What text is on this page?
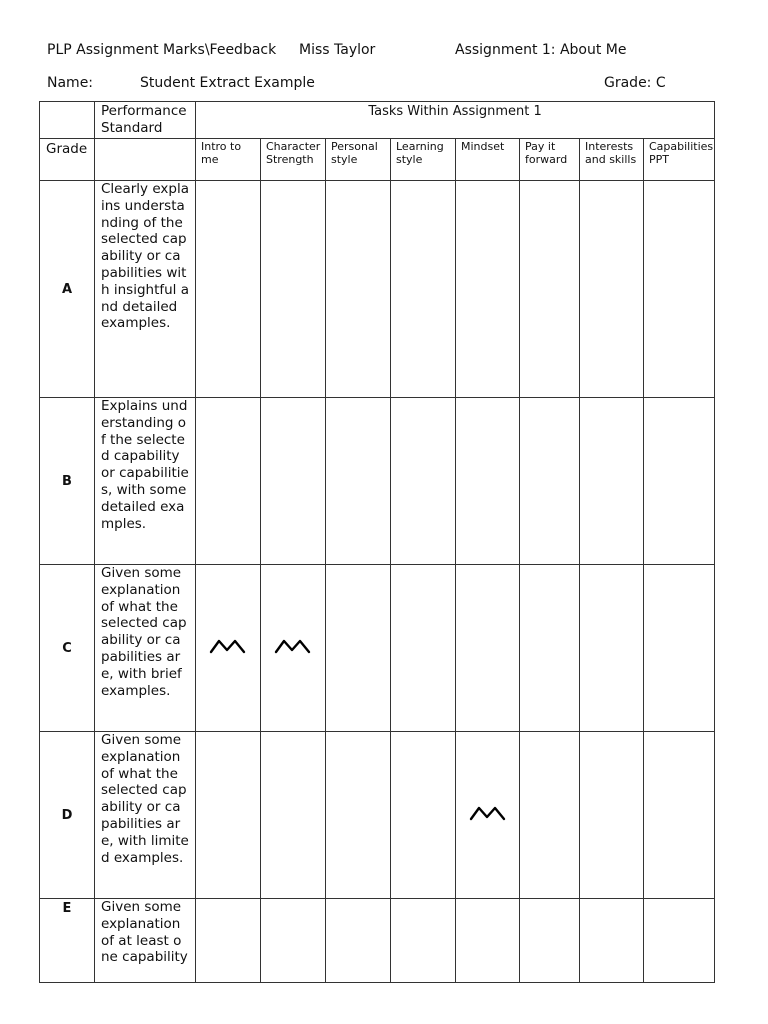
PLP Assignment Marks\Feedback Miss Taylor	Assignment 1: About Me
Name:	Student Extract Example	Grade: C
	Performance Standard	Tasks Within Assignment 1							
Grade		Intro to me	Character Strength	Personal style	Learning style	Mindset	Pay it forward	Interests and skills	Capabilities PPT
A	Clearly explains understanding of the selected capability or capabilities with insightful and detailed examples.								
B	Explains understanding of the selected capability or capabilities, with some detailed examples.								
C	Given some explanation of what the selected capability or capabilities are, with brief examples.								
D	Given some explanation of what the selected capability or capabilities are, with limited examples.								
E	Given some explanation of at least one capability								
